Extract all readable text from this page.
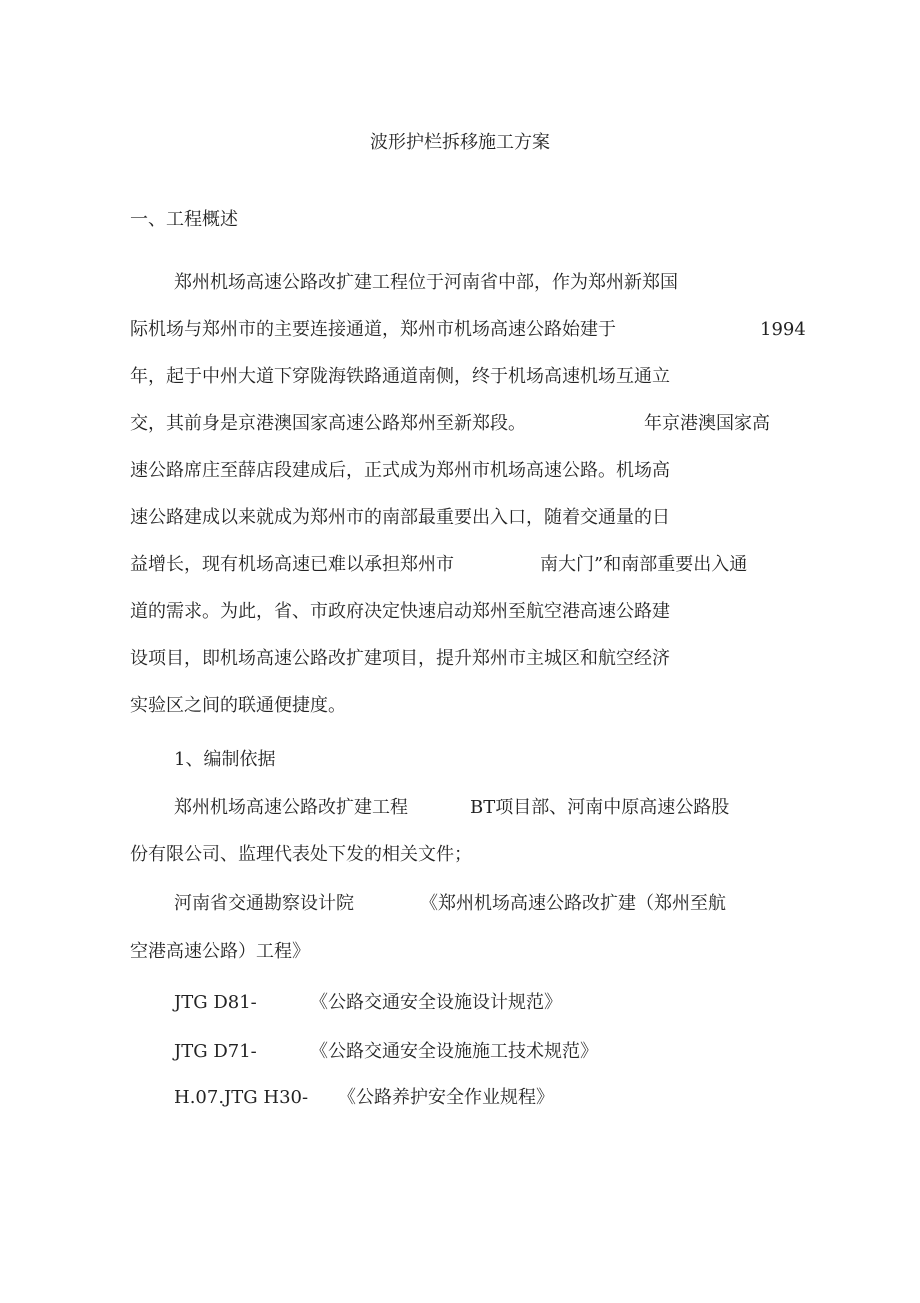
波形护栏拆移施工方案
一、工程概述
郑州机场高速公路改扩建工程位于河南省中部，作为郑州新郑国
际机场与郑州市的主要连接通道，郑州市机场高速公路始建于	1994
年，起于中州大道下穿陇海铁路通道南侧，终于机场高速机场互通立
交，其前身是京港澳国家高速公路郑州至新郑段。	年京港澳国家高
速公路席庄至薛店段建成后，正式成为郑州市机场高速公路。机场高
速公路建成以来就成为郑州市的南部最重要出入口，随着交通量的日
益增长，现有机场高速已难以承担郑州市	南大门”和南部重要出入通
道的需求。为此，省、市政府决定快速启动郑州至航空港高速公路建
设项目，即机场高速公路改扩建项目，提升郑州市主城区和航空经济
实验区之间的联通便捷度。
1、编制依据
郑州机场高速公路改扩建工程	BT项目部、河南中原高速公路股
份有限公司、监理代表处下发的相关文件；
河南省交通勘察设计院	《郑州机场高速公路改扩建（郑州至航
空港高速公路）工程》
JTG D81-	《公路交通安全设施设计规范》
JTG D71-	《公路交通安全设施施工技术规范》
H.07.JTG H30- 《公路养护安全作业规程》
